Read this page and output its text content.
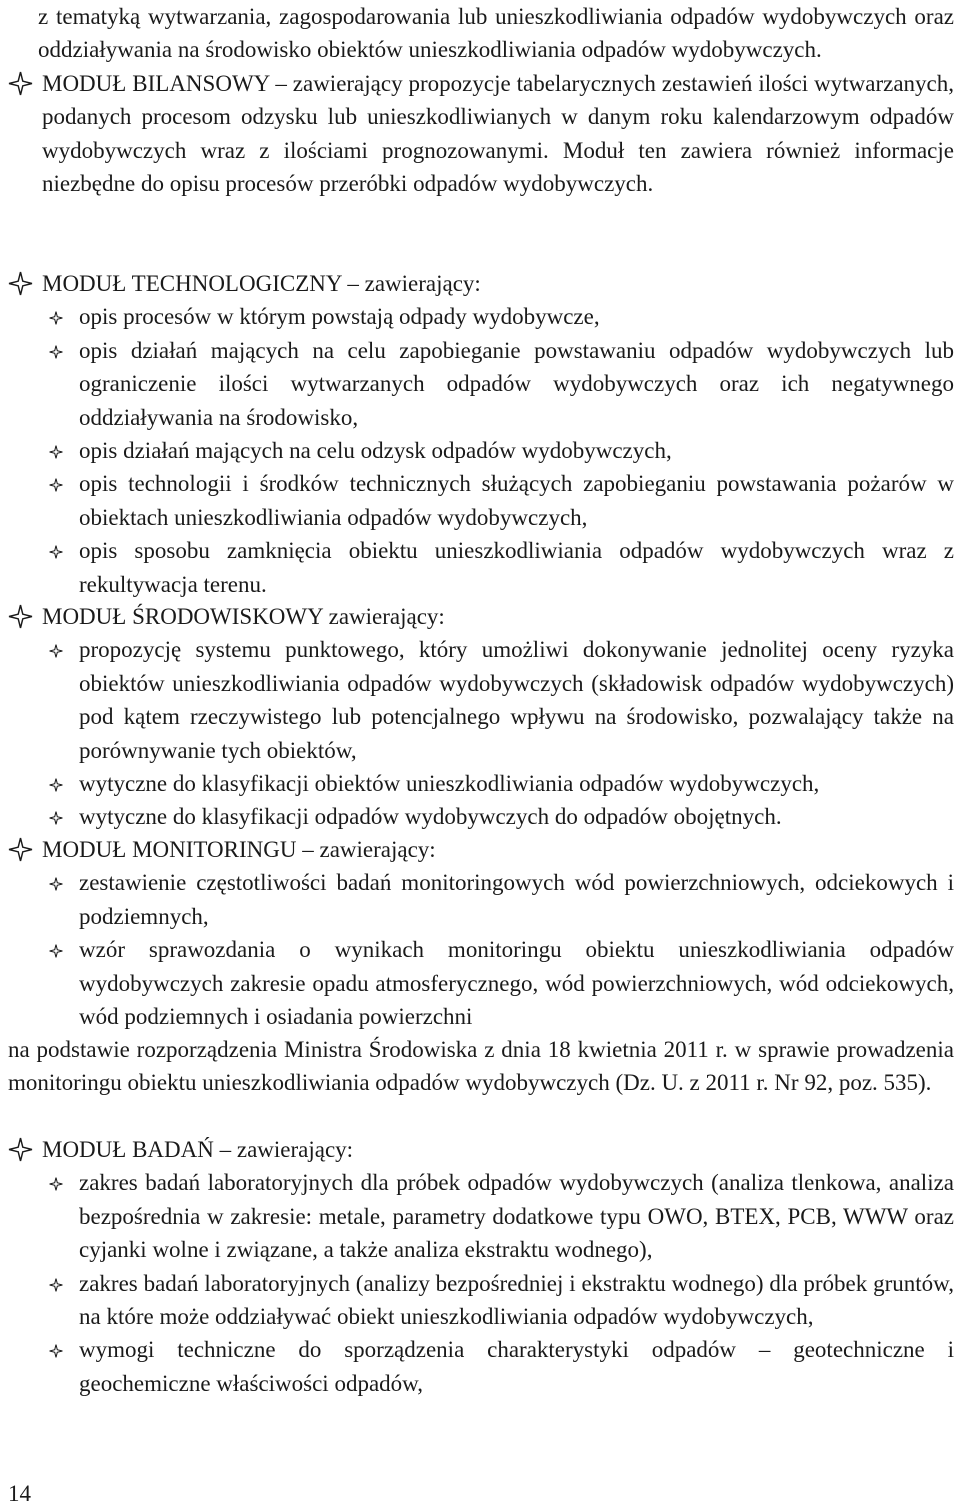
z tematyką wytwarzania, zagospodarowania lub unieszkodliwiania odpadów wydobywczych oraz oddziaływania na środowisko obiektów unieszkodliwiania odpadów wydobywczych.

MODUŁ BILANSOWY – zawierający propozycje tabelarycznych zestawień ilości wytwarzanych, podanych procesom odzysku lub unieszkodliwianych w danym roku kalendarzowym odpadów wydobywczych wraz z ilościami prognozowanymi. Moduł ten zawiera również informacje niezbędne do opisu procesów przeróbki odpadów wydobywczych.
MODUŁ TECHNOLOGICZNY – zawierający:
opis procesów w którym powstają odpady wydobywcze,
opis działań mających na celu zapobieganie powstawaniu odpadów wydobywczych lub ograniczenie ilości wytwarzanych odpadów wydobywczych oraz ich negatywnego oddziaływania na środowisko,
opis działań mających na celu odzysk odpadów wydobywczych,
opis technologii i środków technicznych służących zapobieganiu powstawania pożarów w obiektach unieszkodliwiania odpadów wydobywczych,
opis sposobu zamknięcia obiektu unieszkodliwiania odpadów wydobywczych wraz z rekultywacja terenu.
MODUŁ ŚRODOWISKOWY zawierający:
propozycję systemu punktowego, który umożliwi dokonywanie jednolitej oceny ryzyka obiektów unieszkodliwiania odpadów wydobywczych (składowisk odpadów wydobywczych) pod kątem rzeczywistego lub potencjalnego wpływu na środowisko, pozwalający także na porównywanie tych obiektów,
wytyczne do klasyfikacji obiektów unieszkodliwiania odpadów wydobywczych,
wytyczne do klasyfikacji odpadów wydobywczych do odpadów obojętnych.
MODUŁ MONITORINGU – zawierający:
zestawienie częstotliwości badań monitoringowych wód powierzchniowych, odciekowych i podziemnych,
wzór sprawozdania o wynikach monitoringu obiektu unieszkodliwiania odpadów wydobywczych zakresie opadu atmosferycznego, wód powierzchniowych, wód odciekowych, wód podziemnych i osiadania powierzchni

na podstawie rozporządzenia Ministra Środowiska z dnia 18 kwietnia 2011 r. w sprawie prowadzenia monitoringu obiektu unieszkodliwiania odpadów wydobywczych (Dz. U. z 2011 r. Nr 92, poz. 535).

MODUŁ BADAŃ – zawierający:
zakres badań laboratoryjnych dla próbek odpadów wydobywczych (analiza tlenkowa, analiza bezpośrednia w zakresie: metale, parametry dodatkowe typu OWO, BTEX, PCB, WWW oraz cyjanki wolne i związane, a także analiza ekstraktu wodnego),
zakres badań laboratoryjnych (analizy bezpośredniej i ekstraktu wodnego) dla próbek gruntów, na które może oddziaływać obiekt unieszkodliwiania odpadów wydobywczych,
wymogi techniczne do sporządzenia charakterystyki odpadów – geotechniczne i geochemiczne właściwości odpadów,
14
